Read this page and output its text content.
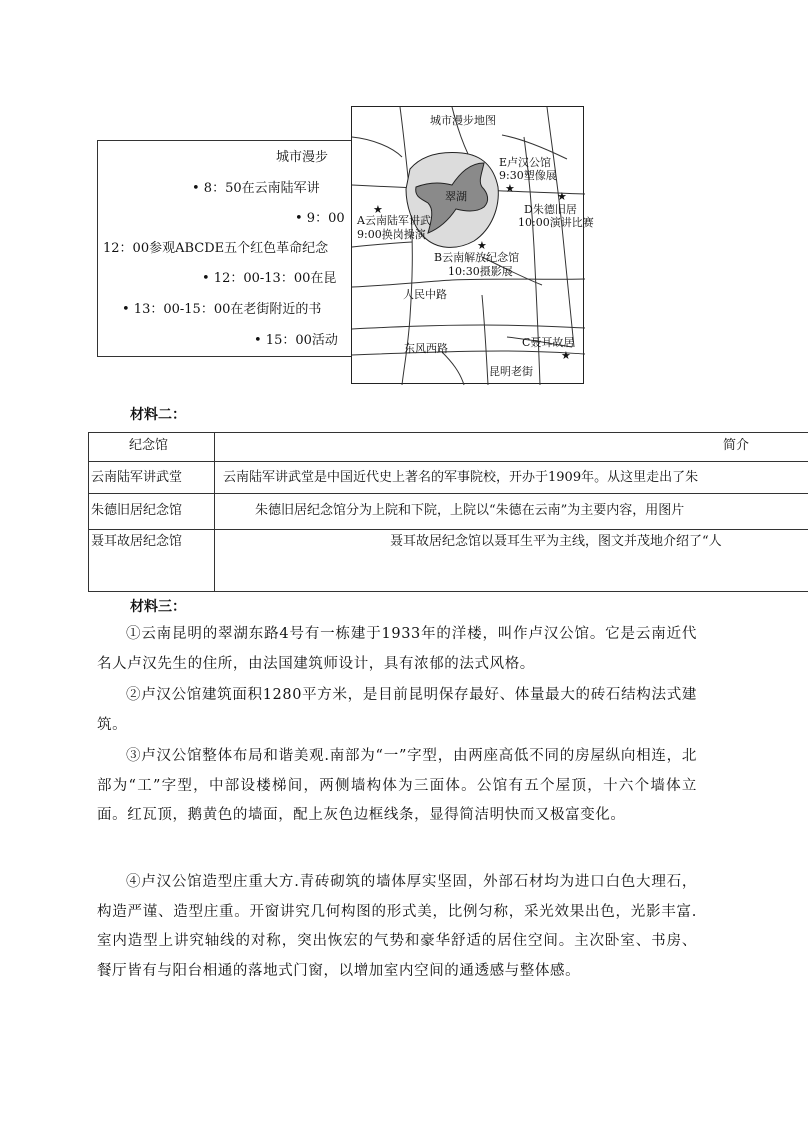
城市漫步
• 8：50在云南陆军讲
• 9：00
12：00参观ABCDE五个红色革命纪念
• 12：00-13：00在昆
• 13：00-15：00在老街附近的书
• 15：00活动
城市漫步地图
翠湖
E卢汉公馆
9:30塑像展
★
★
D朱德旧居
10:00演讲比赛
★
A云南陆军讲武
9:00换岗操演
★
B云南解放纪念馆
10:30摄影展
人民中路
东风西路	C聂耳故居
★
昆明老街
材料二：
纪念馆	简介
云南陆军讲武堂	云南陆军讲武堂是中国近代史上著名的军事院校，开办于1909年。从这里走出了朱
朱德旧居纪念馆	朱德旧居纪念馆分为上院和下院，上院以“朱德在云南”为主要内容，用图片
聂耳故居纪念馆	聂耳故居纪念馆以聂耳生平为主线，图文并茂地介绍了“人
材料三：

①云南昆明的翠湖东路4号有一栋建于1933年的洋楼，叫作卢汉公馆。它是云南近代名人卢汉先生的住所，由法国建筑师设计，具有浓郁的法式风格。

②卢汉公馆建筑面积1280平方米，是目前昆明保存最好、体量最大的砖石结构法式建筑。

③卢汉公馆整体布局和谐美观.南部为“一”字型，由两座高低不同的房屋纵向相连，北部为“工”字型，中部设楼梯间，两侧墙构体为三面体。公馆有五个屋顶，十六个墙体立面。红瓦顶，鹅黄色的墙面，配上灰色边框线条，显得简洁明快而又极富变化。

④卢汉公馆造型庄重大方.青砖砌筑的墙体厚实坚固，外部石材均为进口白色大理石，构造严谨、造型庄重。开窗讲究几何构图的形式美，比例匀称，采光效果出色，光影丰富.室内造型上讲究轴线的对称，突出恢宏的气势和豪华舒适的居住空间。主次卧室、书房、餐厅皆有与阳台相通的落地式门窗，以增加室内空间的通透感与整体感。
